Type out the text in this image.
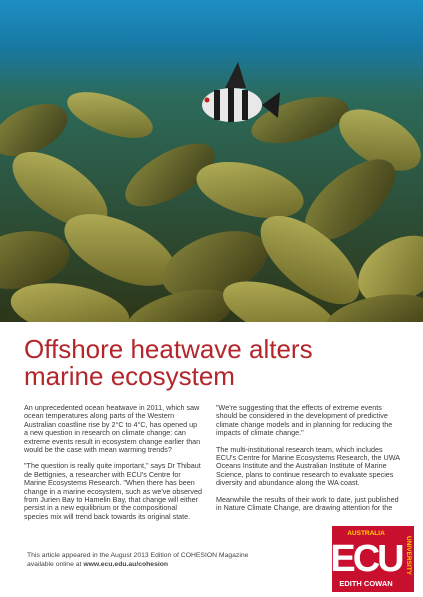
Offshore heatwave alters
marine ecosystem

An unprecedented ocean heatwave in 2011, which saw ocean temperatures along parts of the Western Australian coastline rise by 2°C to 4°C, has opened up a new question in research on climate change: can extreme events result in ecosystem change earlier than would be the case with mean warming trends?

"The question is really quite important," says Dr Thibaut de Bettignies, a researcher with ECU's Centre for Marine Ecosystems Research. "When there has been change in a marine ecosystem, such as we've observed from Jurien Bay to Hamelin Bay, that change will either persist in a new equilibrium or the compositional species mix will trend back towards its original state.

"We're suggesting that the effects of extreme events should be considered in the development of predictive climate change models and in planning for reducing the impacts of climate change."

The multi-institutional research team, which includes ECU's Centre for Marine Ecosystems Research, the UWA Oceans Institute and the Australian Institute of Marine Science, plans to continue research to evaluate species diversity and abundance along the WA coast.

Meanwhile the results of their work to date, just published in Nature Climate Change, are drawing attention for the

This article appeared in the August 2013 Edition of COHESION Magazine
available online at www.ecu.edu.au/cohesion
AUSTRALIA
ECU
EDITH COWAN
UNIVERSITY
